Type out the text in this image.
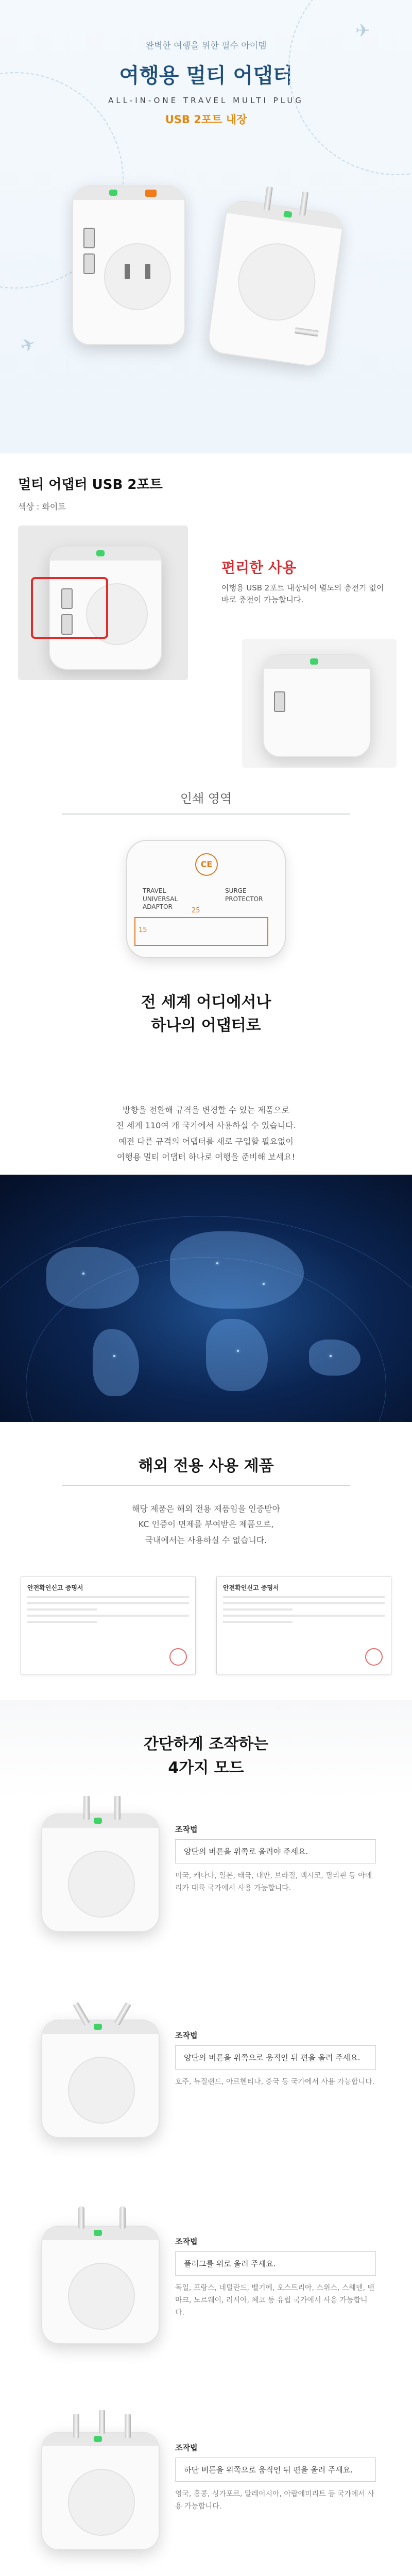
✈
✈
완벽한 여행을 위한 필수 아이템
여행용 멀티 어댑터
ALL-IN-ONE TRAVEL MULTI PLUG
USB 2포트 내장
멀티 어댑터 USB 2포트
색상 : 화이트
편리한 사용
여행용 USB 2포트 내장되어 별도의 충전기 없이 바로 충전이 가능합니다.
인쇄 영역
CE
TRAVEL
UNIVERSAL
ADAPTOR
SURGE
PROTECTOR
25
15
전 세계 어디에서나
하나의 어댑터로
방향을 전환해 규격을 변경할 수 있는 제품으로
전 세계 110여 개 국가에서 사용하실 수 있습니다.
예전 다른 규격의 어댑터를 새로 구입할 필요없이
여행용 멀티 어댑터 하나로 여행을 준비해 보세요!
해외 전용 사용 제품
해당 제품은 해외 전용 제품임을 인증받아
KC 인증이 면제를 부여받은 제품으로,
국내에서는 사용하실 수 없습니다.
안전확인신고 증명서	안전확인신고 증명서
간단하게 조작하는
4가지 모드
조작법
양단의 버튼을 위쪽로 올려야 주세요.
미국, 캐나다, 일본, 태국, 대만, 브라질, 멕시코, 필리핀 등 아메리카 대륙 국가에서 사용 가능합니다.
조작법
양단의 버튼을 위쪽으로 움직인 뒤 편을 올려 주세요.
호주, 뉴질랜드, 아르헨티나, 중국 등 국가에서 사용 가능합니다.
조작법
플러그를 위로 올려 주세요.
독일, 프랑스, 네덜란드, 벨기에, 오스트리아, 스위스, 스웨덴, 덴마크, 노르웨이, 러시아, 체코 등 유럽 국가에서 사용 가능합니다.
조작법
하단 버튼을 위쪽으로 움직인 뒤 편을 올려 주세요.
영국, 홍콩, 싱가포르, 말레이시아, 아랍에미리트 등 국가에서 사용 가능합니다.
